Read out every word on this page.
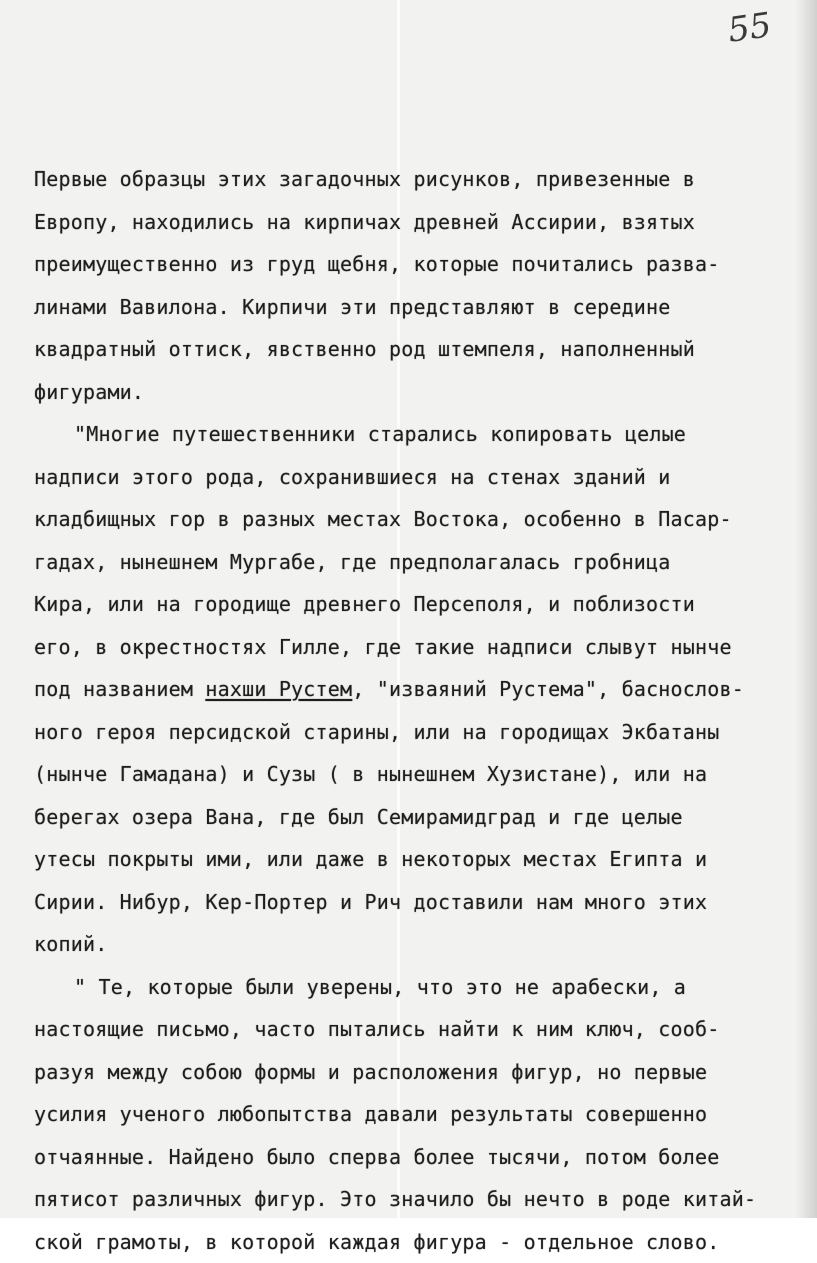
55
Первые образцы этих загадочных рисунков, привезенные в
Европу, находились на кирпичах древней Ассирии, взятых
преимущественно из груд щебня, которые почитались разва-
линами Вавилона. Кирпичи эти представляют в середине
квадратный оттиск, явственно род штемпеля, наполненный
фигурами.
"Многие путешественники старались копировать целые
надписи этого рода, сохранившиеся на стенах зданий и
кладбищных гор в разных местах Востока, особенно в Пасар-
гадах, нынешнем Мургабе, где предполагалась гробница
Кира, или на городище древнего Персеполя, и поблизости
его, в окрестностях Гилле, где такие надписи слывут нынче
под названием нахши Рустем, "изваяний Рустема", баснослов-
ного героя персидской старины, или на городищах Экбатаны
(нынче Гамадана) и Сузы ( в нынешнем Хузистане), или на
берегах озера Вана, где был Семирамидград и где целые
утесы покрыты ими, или даже в некоторых местах Египта и
Сирии. Нибур, Кер-Портер и Рич доставили нам много этих
копий.
" Те, которые были уверены, что это не арабески, а
настоящие письмо, часто пытались найти к ним ключ, сооб-
разуя между собою формы и расположения фигур, но первые
усилия ученого любопытства давали результаты совершенно
отчаянные. Найдено было сперва более тысячи, потом более
пятисот различных фигур. Это значило бы нечто в роде китай-
ской грамоты, в которой каждая фигура - отдельное слово.
